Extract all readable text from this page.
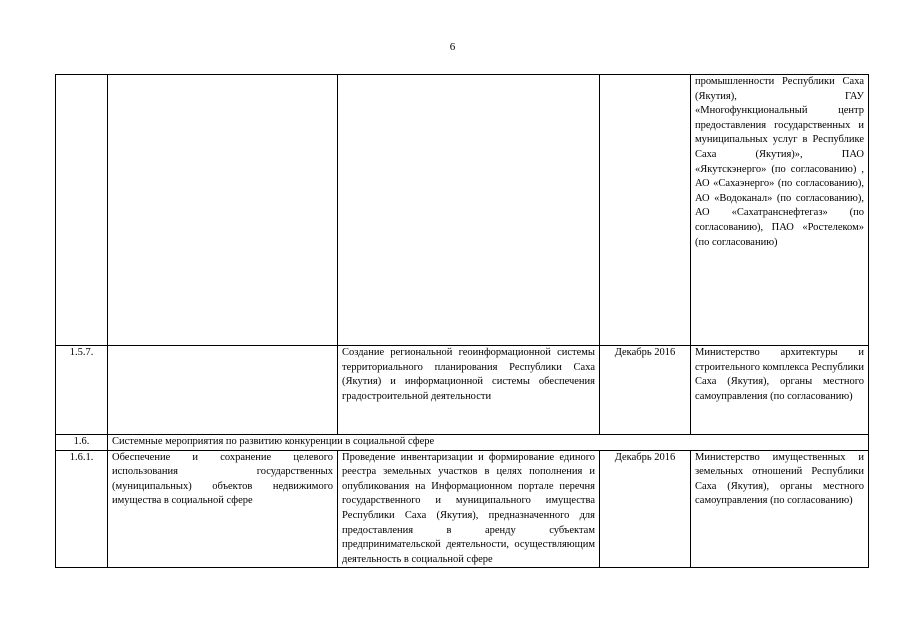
6
				промышленности Республики Саха (Якутия), ГАУ «Многофункциональный центр предоставления государственных и муниципальных услуг в Республике Саха (Якутия)», ПАО «Якутскэнерго» (по согласованию) , АО «Сахаэнерго» (по согласованию), АО «Водоканал» (по согласованию), АО «Сахатранснефтегаз» (по согласованию), ПАО «Ростелеком» (по согласованию)
1.5.7.		Создание региональной геоинформационной системы территориального планирования Республики Саха (Якутия) и информационной системы обеспечения градостроительной деятельности	Декабрь 2016	Министерство архитектуры и строительного комплекса Республики Саха (Якутия), органы местного самоуправления (по согласованию)
1.6.	Системные мероприятия по развитию конкуренции в социальной сфере			
1.6.1.	Обеспечение и сохранение целевого использования государственных (муниципальных) объектов недвижимого имущества в социальной сфере	Проведение инвентаризации и формирование единого реестра земельных участков в целях пополнения и опубликования на Информационном портале перечня государственного и муниципального имущества Республики Саха (Якутия), предназначенного для предоставления в аренду субъектам предпринимательской деятельности, осуществляющим деятельность в социальной сфере	Декабрь 2016	Министерство имущественных и земельных отношений Республики Саха (Якутия), органы местного самоуправления (по согласованию)
